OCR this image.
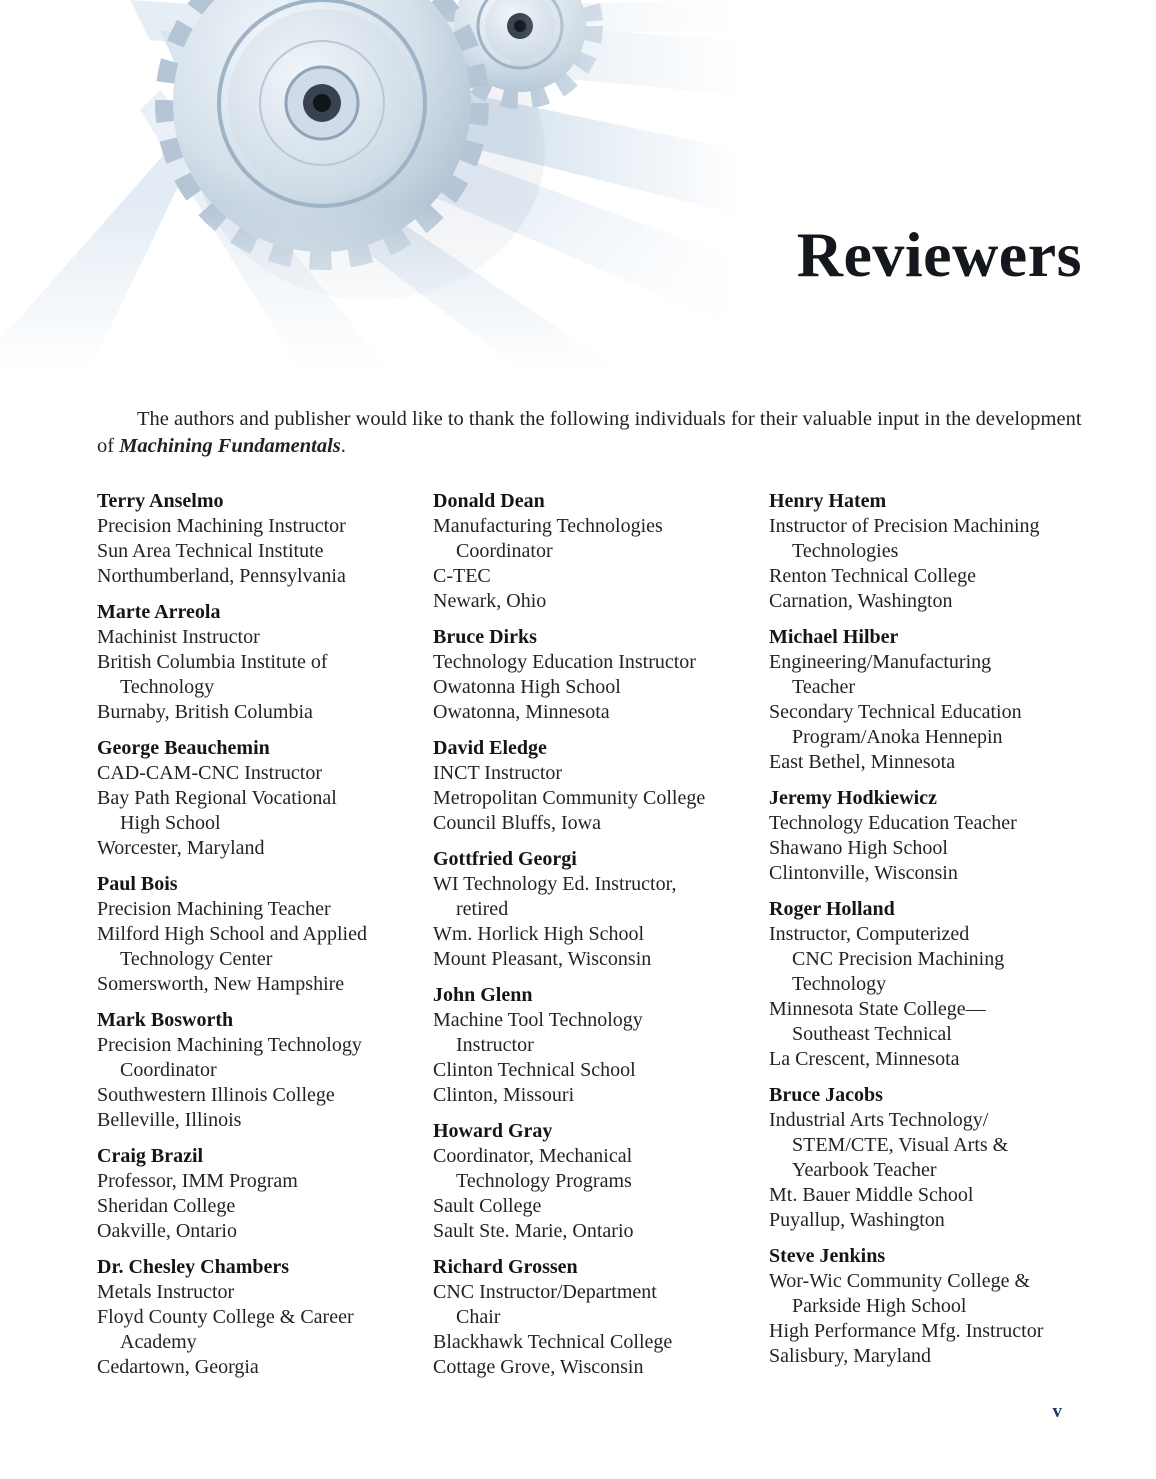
Reviewers

The authors and publisher would like to thank the following individuals for their valuable input in the development of Machining Fundamentals.

Terry Anselmo
Precision Machining Instructor
Sun Area Technical Institute
Northumberland, Pennsylvania
Marte Arreola
Machinist Instructor
British Columbia Institute of
Technology
Burnaby, British Columbia
George Beauchemin
CAD-CAM-CNC Instructor
Bay Path Regional Vocational
High School
Worcester, Maryland
Paul Bois
Precision Machining Teacher
Milford High School and Applied
Technology Center
Somersworth, New Hampshire
Mark Bosworth
Precision Machining Technology
Coordinator
Southwestern Illinois College
Belleville, Illinois
Craig Brazil
Professor, IMM Program
Sheridan College
Oakville, Ontario
Dr. Chesley Chambers
Metals Instructor
Floyd County College & Career
Academy
Cedartown, Georgia
Donald Dean
Manufacturing Technologies
Coordinator
C-TEC
Newark, Ohio
Bruce Dirks
Technology Education Instructor
Owatonna High School
Owatonna, Minnesota
David Eledge
INCT Instructor
Metropolitan Community College
Council Bluffs, Iowa
Gottfried Georgi
WI Technology Ed. Instructor,
retired
Wm. Horlick High School
Mount Pleasant, Wisconsin
John Glenn
Machine Tool Technology
Instructor
Clinton Technical School
Clinton, Missouri
Howard Gray
Coordinator, Mechanical
Technology Programs
Sault College
Sault Ste. Marie, Ontario
Richard Grossen
CNC Instructor/Department
Chair
Blackhawk Technical College
Cottage Grove, Wisconsin
Henry Hatem
Instructor of Precision Machining
Technologies
Renton Technical College
Carnation, Washington
Michael Hilber
Engineering/Manufacturing
Teacher
Secondary Technical Education
Program/Anoka Hennepin
East Bethel, Minnesota
Jeremy Hodkiewicz
Technology Education Teacher
Shawano High School
Clintonville, Wisconsin
Roger Holland
Instructor, Computerized
CNC Precision Machining
Technology
Minnesota State College—
Southeast Technical
La Crescent, Minnesota
Bruce Jacobs
Industrial Arts Technology/
STEM/CTE, Visual Arts &
Yearbook Teacher
Mt. Bauer Middle School
Puyallup, Washington
Steve Jenkins
Wor-Wic Community College &
Parkside High School
High Performance Mfg. Instructor
Salisbury, Maryland
v
